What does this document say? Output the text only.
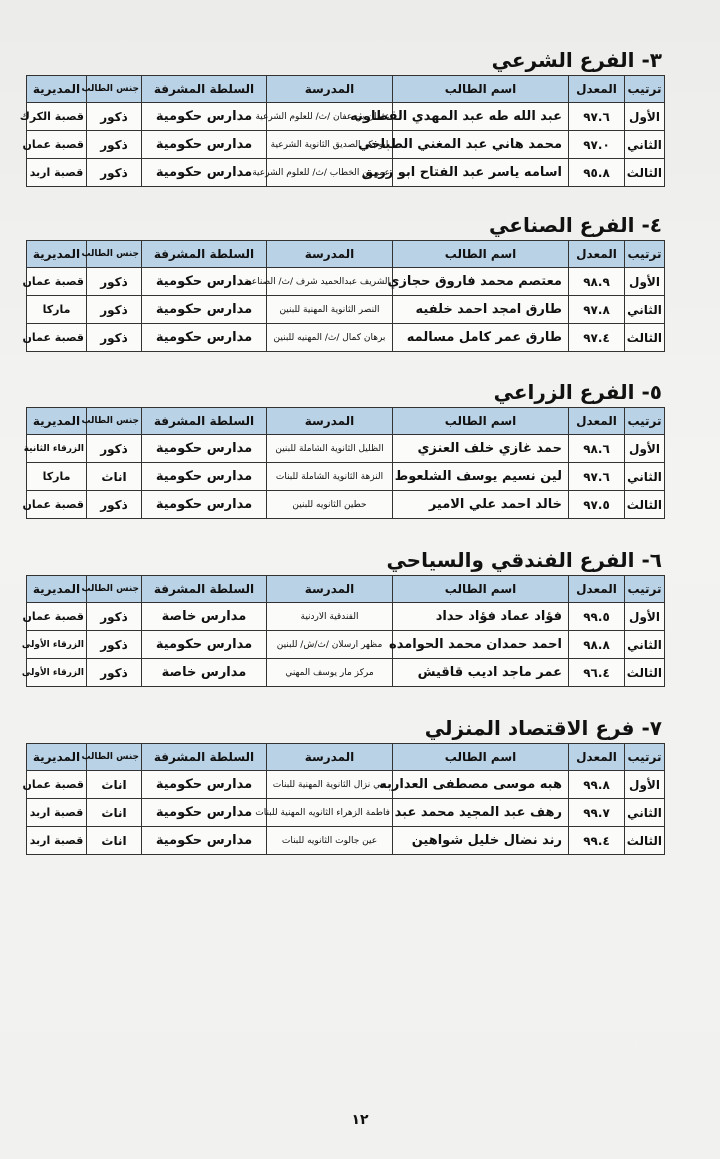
٣- الفرع الشرعي
ترتيب	المعدل	اسم الطالب	المدرسة	السلطة المشرفة	جنس الطالب	المديرية
الأول	٩٧.٦	عبد الله طه عبد المهدي القطاونه	عثمان بن عفان /ث/ للعلوم الشرعية	مدارس حكومية	ذكور	قصبة الكرك
الثاني	٩٧.٠	محمد هاني عبد المغني الطباخي	ابو بكر الصديق الثانوية الشرعية	مدارس حكومية	ذكور	قصبة عمان
الثالث	٩٥.٨	اسامه ياسر عبد الفتاح ابو زريق	عمر بن الخطاب /ث/ للعلوم الشرعية	مدارس حكومية	ذكور	قصبة اربد
٤- الفرع الصناعي
ترتيب	المعدل	اسم الطالب	المدرسة	السلطة المشرفة	جنس الطالب	المديرية
الأول	٩٨.٩	معتصم محمد فاروق حجازي	الشريف عبدالحميد شرف /ث/ الصناعية	مدارس حكومية	ذكور	قصبة عمان
الثاني	٩٧.٨	طارق امجد احمد خلفيه	النصر الثانوية المهنية للبنين	مدارس حكومية	ذكور	ماركا
الثالث	٩٧.٤	طارق عمر كامل مسالمه	برهان كمال /ث/ المهنيه للبنين	مدارس حكومية	ذكور	قصبة عمان
٥- الفرع الزراعي
ترتيب	المعدل	اسم الطالب	المدرسة	السلطة المشرفة	جنس الطالب	المديرية
الأول	٩٨.٦	حمد غازي خلف العنزي	الظليل الثانوية الشاملة للبنين	مدارس حكومية	ذكور	الزرقاء الثانية
الثاني	٩٧.٦	لين نسيم يوسف الشلعوط	النزهة الثانوية الشاملة للبنات	مدارس حكومية	اناث	ماركا
الثالث	٩٧.٥	خالد احمد علي الامير	حطين الثانويه للبنين	مدارس حكومية	ذكور	قصبة عمان
٦- الفرع الفندقي والسياحي
ترتيب	المعدل	اسم الطالب	المدرسة	السلطة المشرفة	جنس الطالب	المديرية
الأول	٩٩.٥	فؤاد عماد فؤاد حداد	الفندقية الاردنية	مدارس خاصة	ذكور	قصبة عمان
الثاني	٩٨.٨	احمد حمدان محمد الحوامده	مظهر ارسلان /ث/ش/ للبنين	مدارس حكومية	ذكور	الزرقاء الأولى
الثالث	٩٦.٤	عمر ماجد اديب قاقيش	مركز مار يوسف المهني	مدارس خاصة	ذكور	الزرقاء الأولى
٧- فرع الاقتصاد المنزلي
ترتيب	المعدل	اسم الطالب	المدرسة	السلطة المشرفة	جنس الطالب	المديرية
الأول	٩٩.٨	هبه موسى مصطفى العداربه	حي نزال الثانوية المهنية للبنات	مدارس حكومية	اناث	قصبة عمان
الثاني	٩٩.٧	رهف عبد المجيد محمد عبد	فاطمة الزهراء الثانويه المهنية للبنات	مدارس حكومية	اناث	قصبة اربد
الثالث	٩٩.٤	رند نضال خليل شواهين	عين جالوت الثانويه للبنات	مدارس حكومية	اناث	قصبة اربد
١٢
